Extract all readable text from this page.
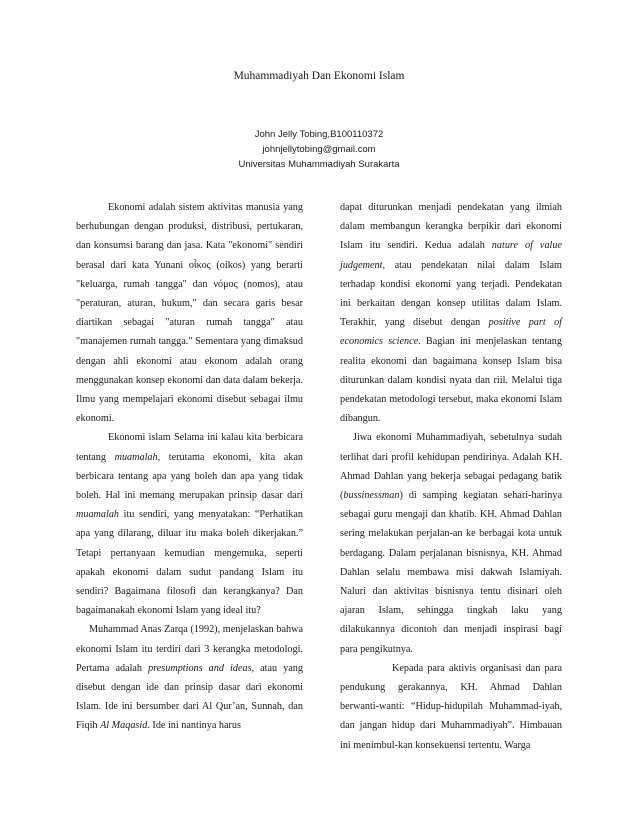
Muhammadiyah Dan Ekonomi Islam
John Jelly Tobing,B100110372
johnjellytobing@gmail.com
Universitas Muhammadiyah Surakarta

Ekonomi adalah sistem aktivitas manusia yang berhubungan dengan produksi, distribusi, pertukaran, dan konsumsi barang dan jasa. Kata "ekonomi" sendiri berasal dari kata Yunani οἶκος (oikos) yang berarti "keluarga, rumah tangga" dan νόμος (nomos), atau "peraturan, aturan, hukum," dan secara garis besar diartikan sebagai "aturan rumah tangga" atau "manajemen rumah tangga." Sementara yang dimaksud dengan ahli ekonomi atau ekonom adalah orang menggunakan konsep ekonomi dan data dalam bekerja. Ilmu yang mempelajari ekonomi disebut sebagai ilmu ekonomi.

Ekonomi islam Selama ini kalau kita berbicara tentang muamalah, terutama ekonomi, kita akan berbicara tentang apa yang boleh dan apa yang tidak boleh. Hal ini memang merupakan prinsip dasar dari muamalah itu sendiri, yang menyatakan: “Perhatikan apa yang dilarang, diluar itu maka boleh dikerjakan.” Tetapi pertanyaan kemudian mengemuka, seperti apakah ekonomi dalam sudut pandang Islam itu sendiri? Bagaimana filosofi dan kerangkanya? Dan bagaimanakah ekonomi Islam yang ideal itu?

Muhammad Anas Zarqa (1992), menjelaskan bahwa ekonomi Islam itu terdiri dari 3 kerangka metodologi. Pertama adalah presumptions and ideas, atau yang disebut dengan ide dan prinsip dasar dari ekonomi Islam. Ide ini bersumber dari Al Qur’an, Sunnah, dan Fiqih Al Maqasid. Ide ini nantinya harus

dapat diturunkan menjadi pendekatan yang ilmiah dalam membangun kerangka berpikir dari ekonomi Islam itu sendiri. Kedua adalah nature of value judgement, atau pendekatan nilai dalam Islam terhadap kondisi ekonomi yang terjadi. Pendekatan ini berkaitan dengan konsep utilitas dalam Islam. Terakhir, yang disebut dengan positive part of economics science. Bagian ini menjelaskan tentang realita ekonomi dan bagaimana konsep Islam bisa diturunkan dalam kondisi nyata dan riil. Melalui tiga pendekatan metodologi tersebut, maka ekonomi Islam dibangun.

Jiwa ekonomi Muhammadiyah, sebetulnya sudah terlihat dari profil kehidupan pendirinya. Adalah KH. Ahmad Dahlan yang bekerja sebagai pedagang batik (bussinessman) di samping kegiatan sehari-harinya sebagai guru mengaji dan khatib. KH. Ahmad Dahlan sering melakukan perjalan-an ke berbagai kota untuk berdagang. Dalam perjalanan bisnisnya, KH. Ahmad Dahlan selalu membawa misi dakwah Islamiyah. Naluri dan aktivitas bisnisnya tentu disinari oleh ajaran Islam, sehingga tingkah laku yang dilakukannya dicontoh dan menjadi inspirasi bagi para pengikutnya.

Kepada para aktivis organisasi dan para pendukung gerakannya, KH. Ahmad Dahlan berwanti-wanti: “Hidup-hidupilah Muhammad-iyah, dan jangan hidup dari Muhammadiyah”. Himbauan ini menimbul-kan konsekuensi tertentu. Warga
